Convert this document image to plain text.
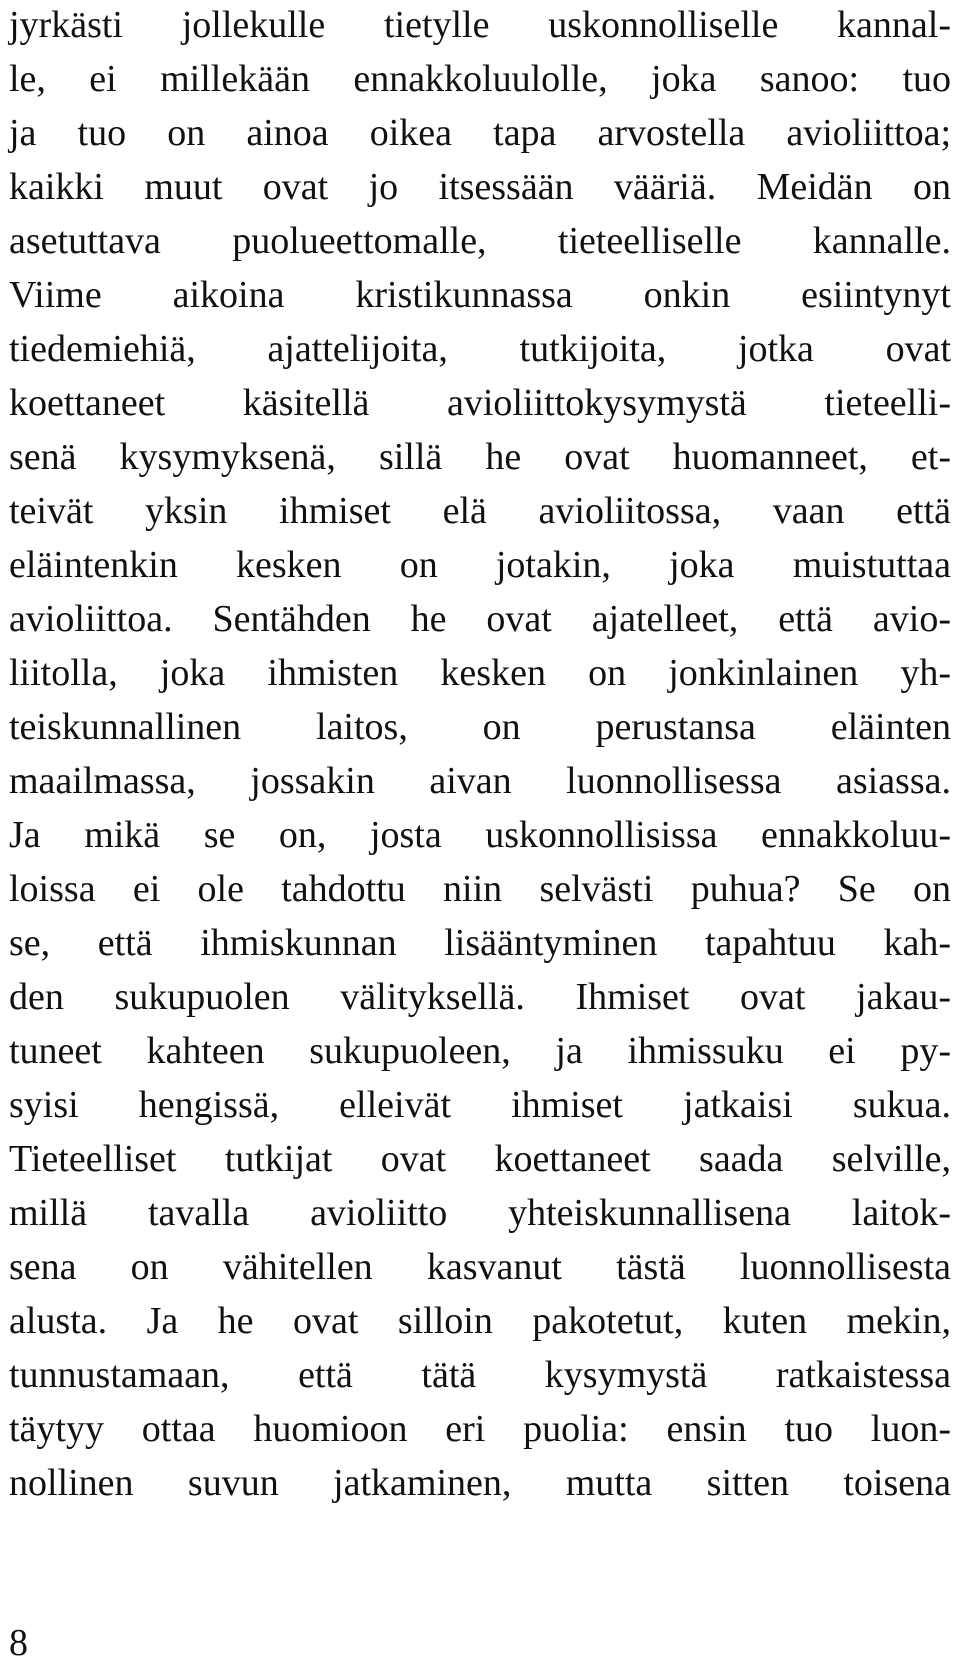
jyrkästi jollekulle tietylle uskonnolliselle kannal-
le, ei millekään ennakkoluulolle, joka sanoo: tuo
ja tuo on ainoa oikea tapa arvostella avioliittoa;
kaikki muut ovat jo itsessään vääriä. Meidän on
asetuttava puolueettomalle, tieteelliselle kannalle.
Viime aikoina kristikunnassa onkin esiintynyt
tiedemiehiä, ajattelijoita, tutkijoita, jotka ovat
koettaneet käsitellä avioliittokysymystä tieteelli-
senä kysymyksenä, sillä he ovat huomanneet, et-
teivät yksin ihmiset elä avioliitossa, vaan että
eläintenkin kesken on jotakin, joka muistuttaa
avioliittoa. Sentähden he ovat ajatelleet, että avio-
liitolla, joka ihmisten kesken on jonkinlainen yh-
teiskunnallinen laitos, on perustansa eläinten
maailmassa, jossakin aivan luonnollisessa asiassa.
Ja mikä se on, josta uskonnollisissa ennakkoluu-
loissa ei ole tahdottu niin selvästi puhua? Se on
se, että ihmiskunnan lisääntyminen tapahtuu kah-
den sukupuolen välityksellä. Ihmiset ovat jakau-
tuneet kahteen sukupuoleen, ja ihmissuku ei py-
syisi hengissä, elleivät ihmiset jatkaisi sukua.
Tieteelliset tutkijat ovat koettaneet saada selville,
millä tavalla avioliitto yhteiskunnallisena laitok-
sena on vähitellen kasvanut tästä luonnollisesta
alusta. Ja he ovat silloin pakotetut, kuten mekin,
tunnustamaan, että tätä kysymystä ratkaistessa
täytyy ottaa huomioon eri puolia: ensin tuo luon-
nollinen suvun jatkaminen, mutta sitten toisena
8
